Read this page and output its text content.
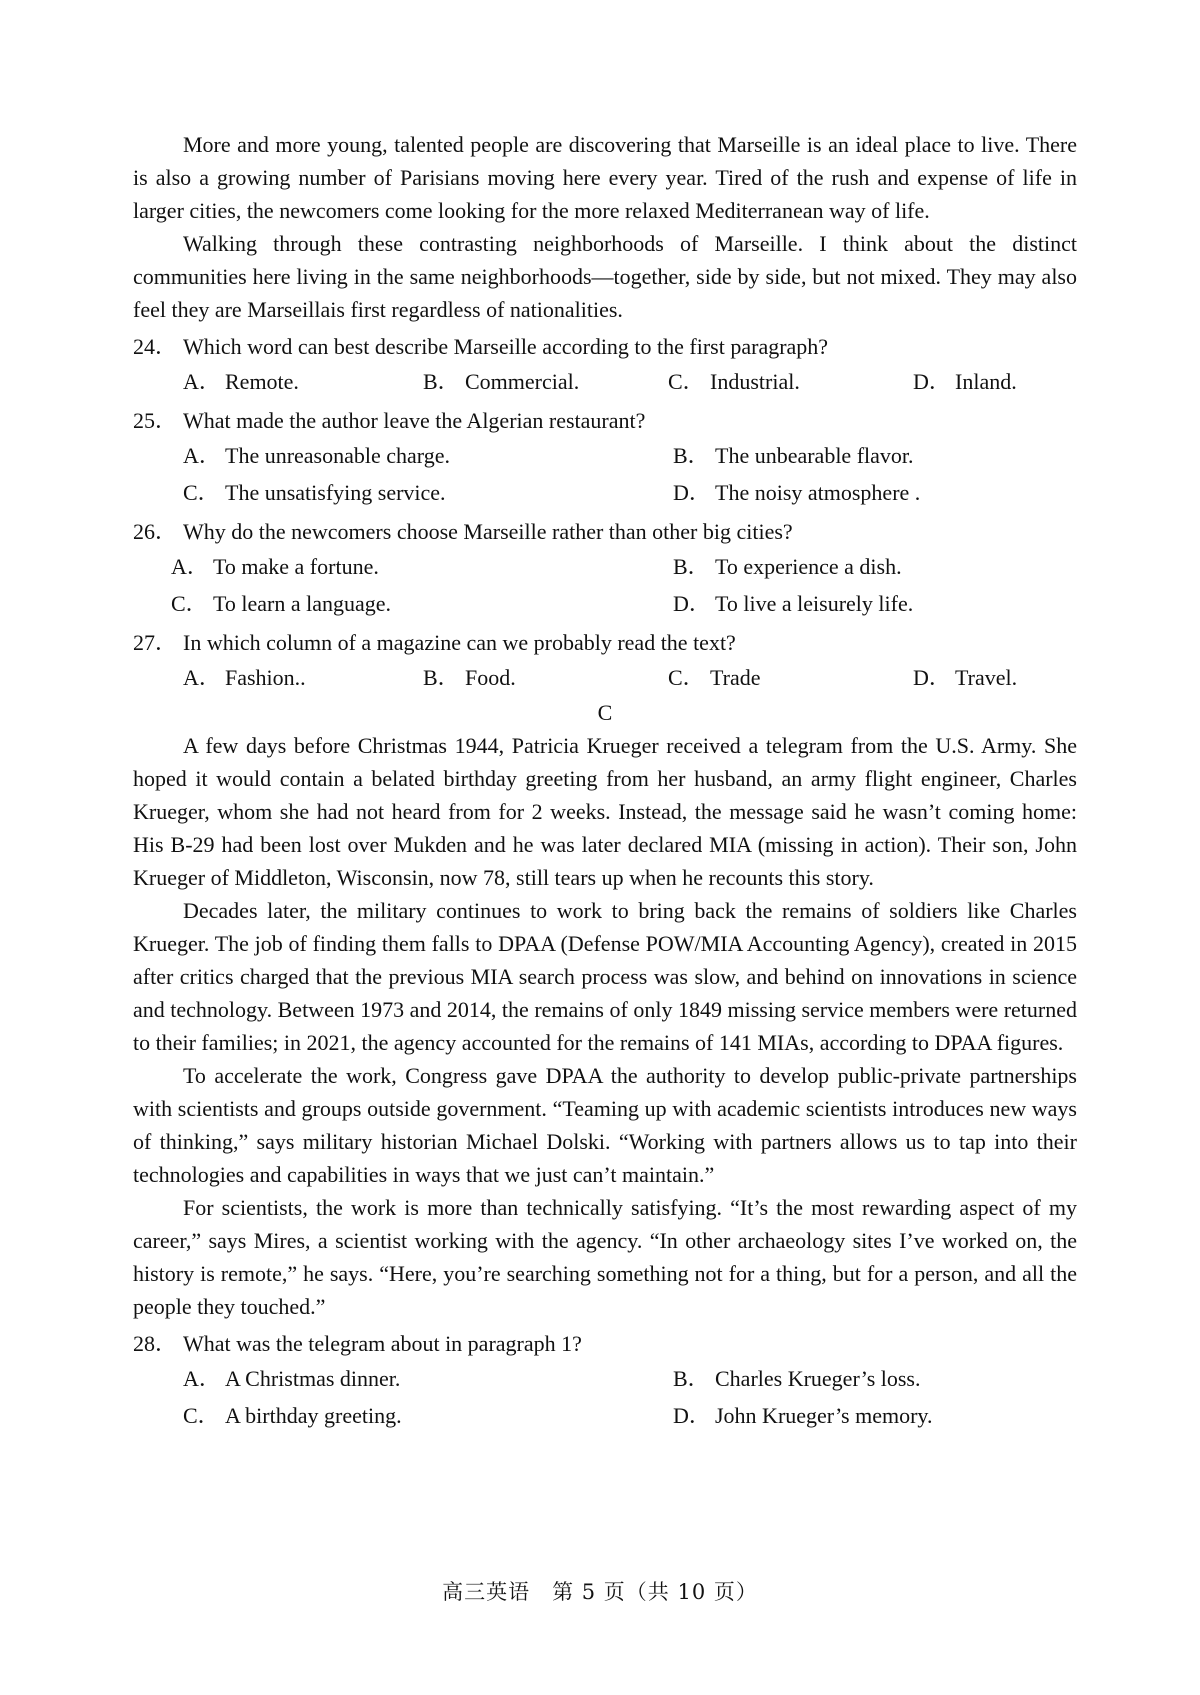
More and more young, talented people are discovering that Marseille is an ideal place to live. There is also a growing number of Parisians moving here every year. Tired of the rush and expense of life in larger cities, the newcomers come looking for the more relaxed Mediterranean way of life.

Walking through these contrasting neighborhoods of Marseille. I think about the distinct communities here living in the same neighborhoods—together, side by side, but not mixed. They may also feel they are Marseillais first regardless of nationalities.

24． Which word can best describe Marseille according to the first paragraph?
A． Remote.	B． Commercial.	C． Industrial.	D． Inland.
25． What made the author leave the Algerian restaurant?
A． The unreasonable charge.	B． The unbearable flavor.
C． The unsatisfying service.	D． The noisy atmosphere .
26． Why do the newcomers choose Marseille rather than other big cities?
A． To make a fortune.	B． To experience a dish.
C． To learn a language.	D． To live a leisurely life.
27． In which column of a magazine can we probably read the text?
A． Fashion..	B． Food.	C． Trade	D． Travel.

C

A few days before Christmas 1944, Patricia Krueger received a telegram from the U.S. Army. She hoped it would contain a belated birthday greeting from her husband, an army flight engineer, Charles Krueger, whom she had not heard from for 2 weeks. Instead, the message said he wasn’t coming home: His B-29 had been lost over Mukden and he was later declared MIA (missing in action). Their son, John Krueger of Middleton, Wisconsin, now 78, still tears up when he recounts this story.

Decades later, the military continues to work to bring back the remains of soldiers like Charles Krueger. The job of finding them falls to DPAA (Defense POW/MIA Accounting Agency), created in 2015 after critics charged that the previous MIA search process was slow, and behind on innovations in science and technology. Between 1973 and 2014, the remains of only 1849 missing service members were returned to their families; in 2021, the agency accounted for the remains of 141 MIAs, according to DPAA figures.

To accelerate the work, Congress gave DPAA the authority to develop public-private partnerships with scientists and groups outside government. “Teaming up with academic scientists introduces new ways of thinking,” says military historian Michael Dolski. “Working with partners allows us to tap into their technologies and capabilities in ways that we just can’t maintain.”

For scientists, the work is more than technically satisfying. “It’s the most rewarding aspect of my career,” says Mires, a scientist working with the agency. “In other archaeology sites I’ve worked on, the history is remote,” he says. “Here, you’re searching something not for a thing, but for a person, and all the people they touched.”

28． What was the telegram about in paragraph 1?
A． A Christmas dinner.	B． Charles Krueger’s loss.
C． A birthday greeting.	D． John Krueger’s memory.
高三英语　第 5 页（共 10 页）
